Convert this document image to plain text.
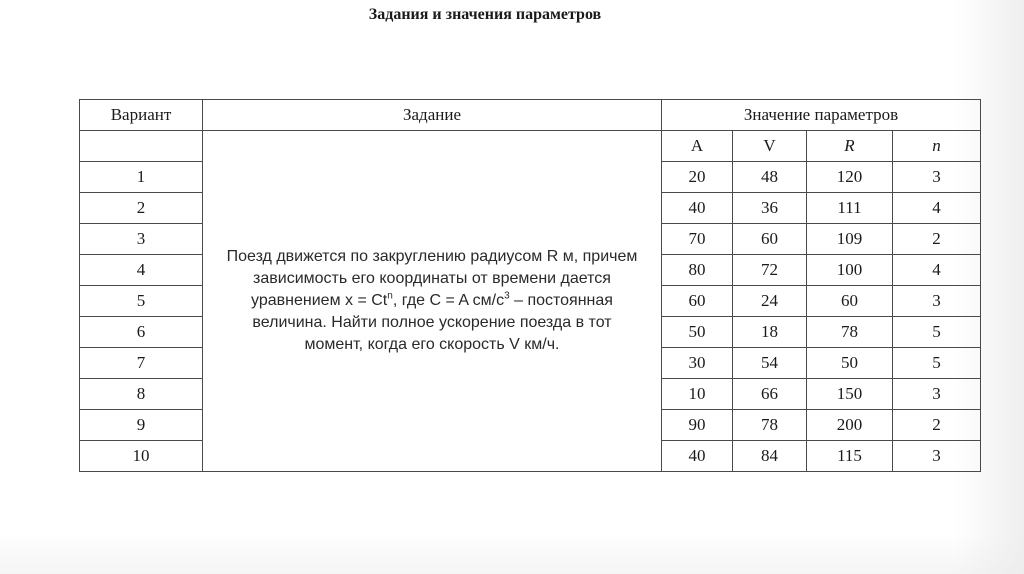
Задания и значения параметров
Вариант	Задание	Значение параметров			
	Поезд движется по закруглению радиусом R м, причем зависимость его координаты от времени дается уравнением $x = Ct^n$, где C = A $см/с^3$ – постоянная величина. Найти полное ускорение поезда в тот момент, когда его скорость V км/ч.	A	V	R	n
1		20	48	120	3
2		40	36	111	4
3		70	60	109	2
4		80	72	100	4
5		60	24	60	3
6		50	18	78	5
7		30	54	50	5
8		10	66	150	3
9		90	78	200	2
10		40	84	115	3
